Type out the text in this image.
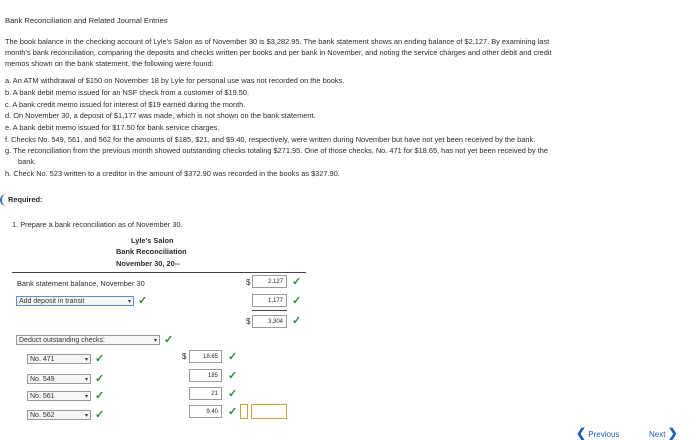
Bank Reconciliation and Related Journal Entries
The book balance in the checking account of Lyle's Salon as of November 30 is $3,282.95. The bank statement shows an ending balance of $2,127. By examining last
month's bank reconciliation, comparing the deposits and checks written per books and per bank in November, and noting the service charges and other debit and credit
memos shown on the bank statement, the following were found:
a. An ATM withdrawal of $150 on November 18 by Lyle for personal use was not recorded on the books.
b. A bank debit memo issued for an NSF check from a customer of $19.50.
c. A bank credit memo issued for interest of $19 earned during the month.
d. On November 30, a deposit of $1,177 was made, which is not shown on the bank statement.
e. A bank debit memo issued for $17.50 for bank service charges.
f. Checks No. 549, 561, and 562 for the amounts of $185, $21, and $9.40, respectively, were written during November but have not yet been received by the bank.
g. The reconciliation from the previous month showed outstanding checks totaling $271.95. One of those checks, No. 471 for $18.65, has not yet been received by the
bank.
h. Check No. 523 written to a creditor in the amount of $372.90 was recorded in the books as $327.90.
Required:
1. Prepare a bank reconciliation as of November 30.
Lyle's Salon
Bank Reconciliation
November 30, 20--
Bank statement balance, November 30	$	2,127 ✓
Add deposit in transit	▾ ✓	1,177 ✓
$	3,304 ✓
Deduct outstanding checks:	▾ ✓
No. 471	▾ ✓	$	18.65 ✓
No. 549	▾ ✓	185 ✓
No. 561	▾ ✓	21 ✓
No. 562	▾ ✓	9.40 ✓
❮ Previous	Next ❯
